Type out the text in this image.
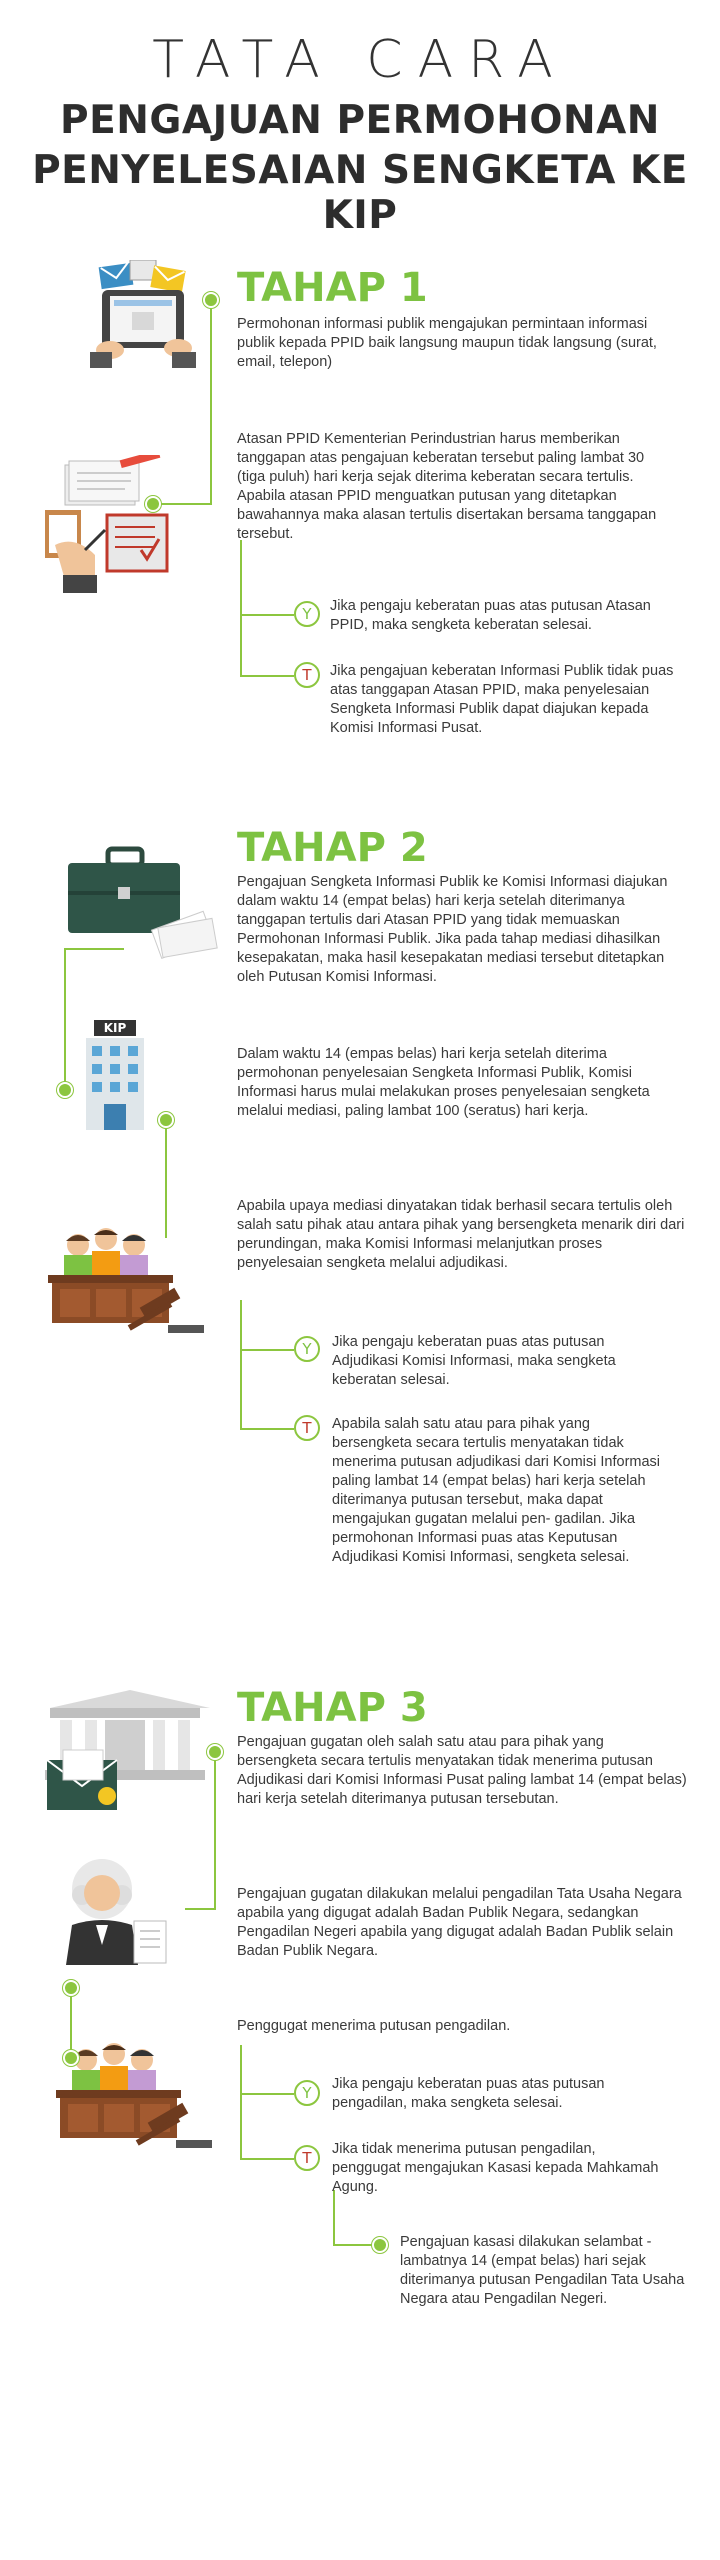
TATA CARA
PENGAJUAN PERMOHONAN
PENYELESAIAN SENGKETA KE KIP
TAHAP 1
Permohonan informasi publik mengajukan permintaan informasi publik kepada PPID baik langsung maupun tidak langsung (surat, email, telepon)
Atasan PPID Kementerian Perindustrian harus memberikan tanggapan atas pengajuan keberatan tersebut paling lambat 30 (tiga puluh) hari kerja sejak diterima keberatan secara tertulis. Apabila atasan PPID menguatkan putusan yang ditetapkan bawahannya maka alasan tertulis disertakan bersama tanggapan tersebut.
Y	Jika pengaju keberatan puas atas putusan Atasan PPID, maka sengketa keberatan selesai.
T	Jika pengajuan keberatan Informasi Publik tidak puas atas tanggapan Atasan PPID, maka penyelesaian Sengketa Informasi Publik dapat diajukan kepada Komisi Informasi Pusat.
KIP
TAHAP 2
Pengajuan Sengketa Informasi Publik ke Komisi Informasi diajukan dalam waktu 14 (empat belas) hari kerja setelah diterimanya tanggapan tertulis dari Atasan PPID yang tidak memuaskan Permohonan Informasi Publik. Jika pada tahap mediasi dihasilkan kesepakatan, maka hasil kesepakatan mediasi tersebut ditetapkan oleh Putusan Komisi Informasi.
Dalam waktu 14 (empas belas) hari kerja setelah diterima permohonan penyelesaian Sengketa Informasi Publik, Komisi Informasi harus mulai melakukan proses penyelesaian sengketa melalui mediasi, paling lambat 100 (seratus) hari kerja.
Apabila upaya mediasi dinyatakan tidak berhasil secara tertulis oleh salah satu pihak atau antara pihak yang bersengketa menarik diri dari perundingan, maka Komisi Informasi melanjutkan proses penyelesaian sengketa melalui adjudikasi.
Y	Jika pengaju keberatan puas atas putusan Adjudikasi Komisi Informasi, maka sengketa keberatan selesai.
T	Apabila salah satu atau para pihak yang bersengketa secara tertulis menyatakan tidak menerima putusan adjudikasi dari Komisi Informasi paling lambat 14 (empat belas) hari kerja setelah diterimanya putusan tersebut, maka dapat mengajukan gugatan melalui pen- gadilan. Jika permohonan Informasi puas atas Keputusan Adjudikasi Komisi Informasi, sengketa selesai.
TAHAP 3
Pengajuan gugatan oleh salah satu atau para pihak yang bersengketa secara tertulis menyatakan tidak menerima putusan Adjudikasi dari Komisi Informasi Pusat paling lambat 14 (empat belas) hari kerja setelah diterimanya putusan tersebutan.
Pengajuan gugatan dilakukan melalui pengadilan Tata Usaha Negara apabila yang digugat adalah Badan Publik Negara, sedangkan Pengadilan Negeri apabila yang digugat adalah Badan Publik selain Badan Publik Negara.
Penggugat menerima putusan pengadilan.
Y	Jika pengaju keberatan puas atas putusan pengadilan, maka sengketa selesai.
T	Jika tidak menerima putusan pengadilan, penggugat mengajukan Kasasi kepada Mahkamah Agung.
Pengajuan kasasi dilakukan selambat - lambatnya 14 (empat belas) hari sejak diterimanya putusan Pengadilan Tata Usaha Negara atau Pengadilan Negeri.
